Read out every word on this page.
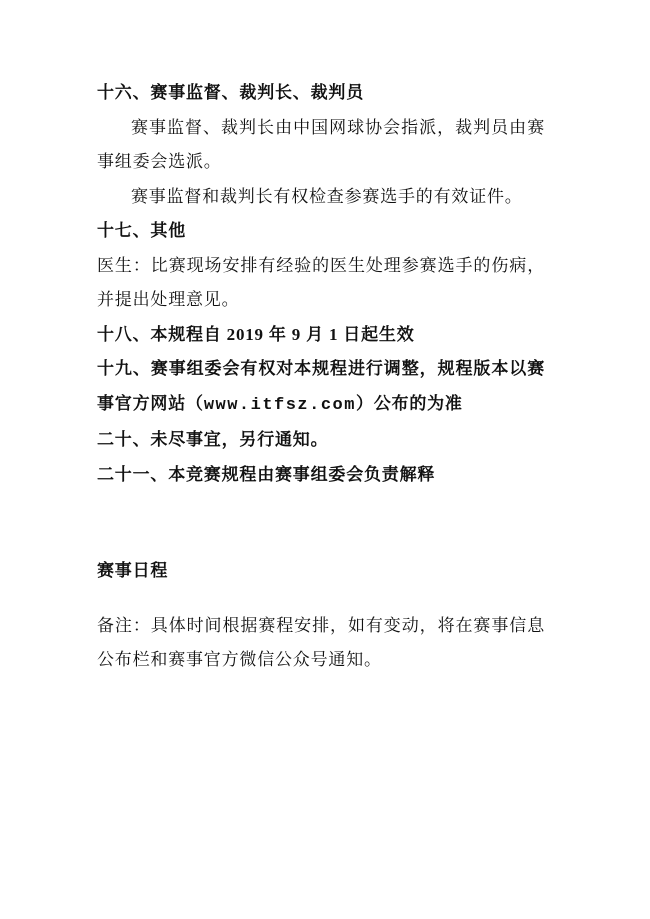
十六、赛事监督、裁判长、裁判员

赛事监督、裁判长由中国网球协会指派，裁判员由赛事组委会选派。

赛事监督和裁判长有权检查参赛选手的有效证件。

十七、其他

医生：比赛现场安排有经验的医生处理参赛选手的伤病，并提出处理意见。

十八、本规程自 2019 年 9 月 1 日起生效

十九、赛事组委会有权对本规程进行调整，规程版本以赛事官方网站（www.itfsz.com）公布的为准

二十、未尽事宜，另行通知。

二十一、本竞赛规程由赛事组委会负责解释

赛事日程

备注：具体时间根据赛程安排，如有变动，将在赛事信息公布栏和赛事官方微信公众号通知。
